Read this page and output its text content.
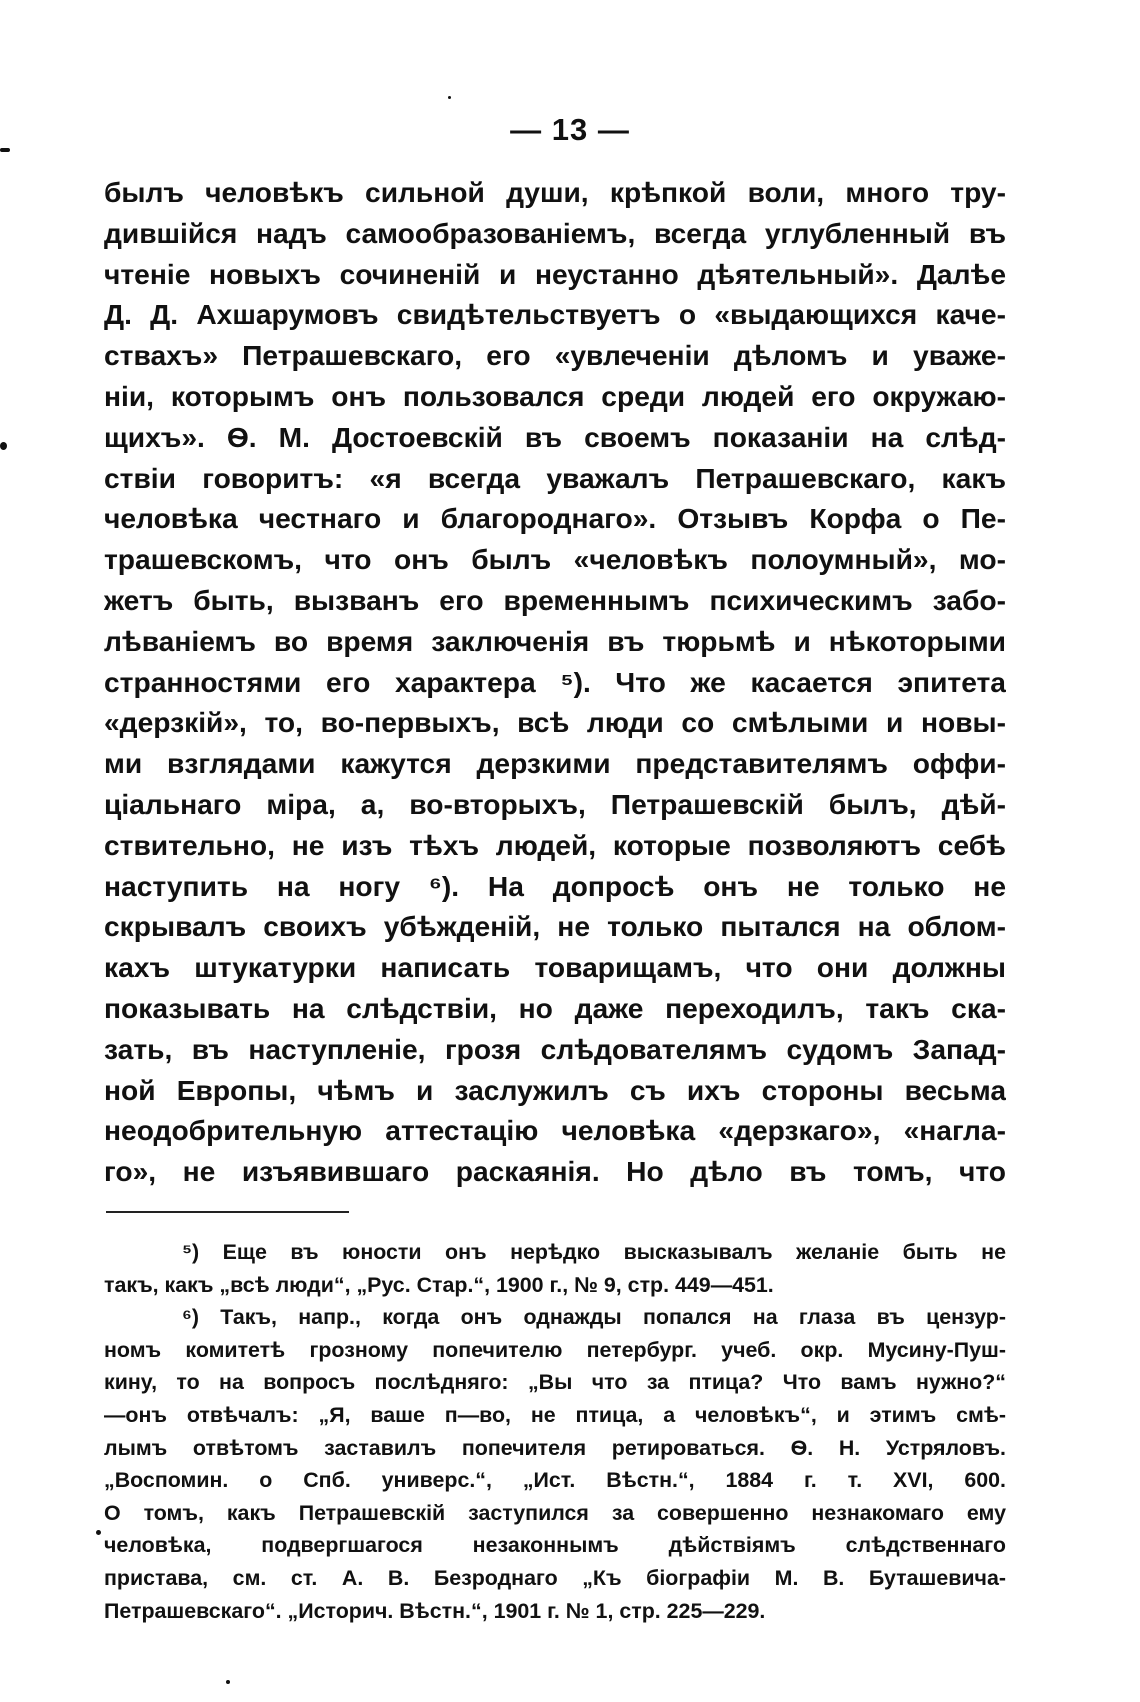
— 13 —
былъ человѣкъ сильной души, крѣпкой воли, много тру-
дившійся надъ самообразованіемъ, всегда углубленный въ
чтеніе новыхъ сочиненій и неустанно дѣятельный». Далѣе
Д. Д. Ахшарумовъ свидѣтельствуетъ о «выдающихся каче-
ствахъ» Петрашевскаго, его «увлеченіи дѣломъ и уваже-
ніи, которымъ онъ пользовался среди людей его окружаю-
щихъ». Ѳ. М. Достоевскій въ своемъ показаніи на слѣд-
ствіи говоритъ: «я всегда уважалъ Петрашевскаго, какъ
человѣка честнаго и благороднаго». Отзывъ Корфа о Пе-
трашевскомъ, что онъ былъ «человѣкъ полоумный», мо-
жетъ быть, вызванъ его временнымъ психическимъ забо-
лѣваніемъ во время заключенія въ тюрьмѣ и нѣкоторыми
странностями его характера ⁵). Что же касается эпитета
«дерзкій», то, во-первыхъ, всѣ люди со смѣлыми и новы-
ми взглядами кажутся дерзкими представителямъ оффи-
ціальнаго міра, а, во-вторыхъ, Петрашевскій былъ, дѣй-
ствительно, не изъ тѣхъ людей, которые позволяютъ себѣ
наступить на ногу ⁶). На допросѣ онъ не только не
скрывалъ своихъ убѣжденій, не только пытался на облом-
кахъ штукатурки написать товарищамъ, что они должны
показывать на слѣдствіи, но даже переходилъ, такъ ска-
зать, въ наступленіе, грозя слѣдователямъ судомъ Запад-
ной Европы, чѣмъ и заслужилъ съ ихъ стороны весьма
неодобрительную аттестацію человѣка «дерзкаго», «нагла-
го», не изъявившаго раскаянія. Но дѣло въ томъ, что
⁵) Еще въ юности онъ нерѣдко высказывалъ желаніе быть не
такъ, какъ „всѣ люди“, „Рус. Стар.“, 1900 г., № 9, стр. 449—451.
⁶) Такъ, напр., когда онъ однажды попался на глаза въ цензур-
номъ комитетѣ грозному попечителю петербург. учеб. окр. Мусину-Пуш-
кину, то на вопросъ послѣдняго: „Вы что за птица? Что вамъ нужно?“
—онъ отвѣчалъ: „Я, ваше п—во, не птица, а человѣкъ“, и этимъ смѣ-
лымъ отвѣтомъ заставилъ попечителя ретироваться. Ѳ. Н. Устряловъ.
„Воспомин. о Спб. универс.“, „Ист. Вѣстн.“, 1884 г. т. XVI, 600.
О томъ, какъ Петрашевскій заступился за совершенно незнакомаго ему
человѣка, подвергшагося незаконнымъ дѣйствіямъ слѣдственнаго
пристава, см. ст. А. В. Безроднаго „Къ біографіи М. В. Буташевича-
Петрашевскаго“. „Историч. Вѣстн.“, 1901 г. № 1, стр. 225—229.
